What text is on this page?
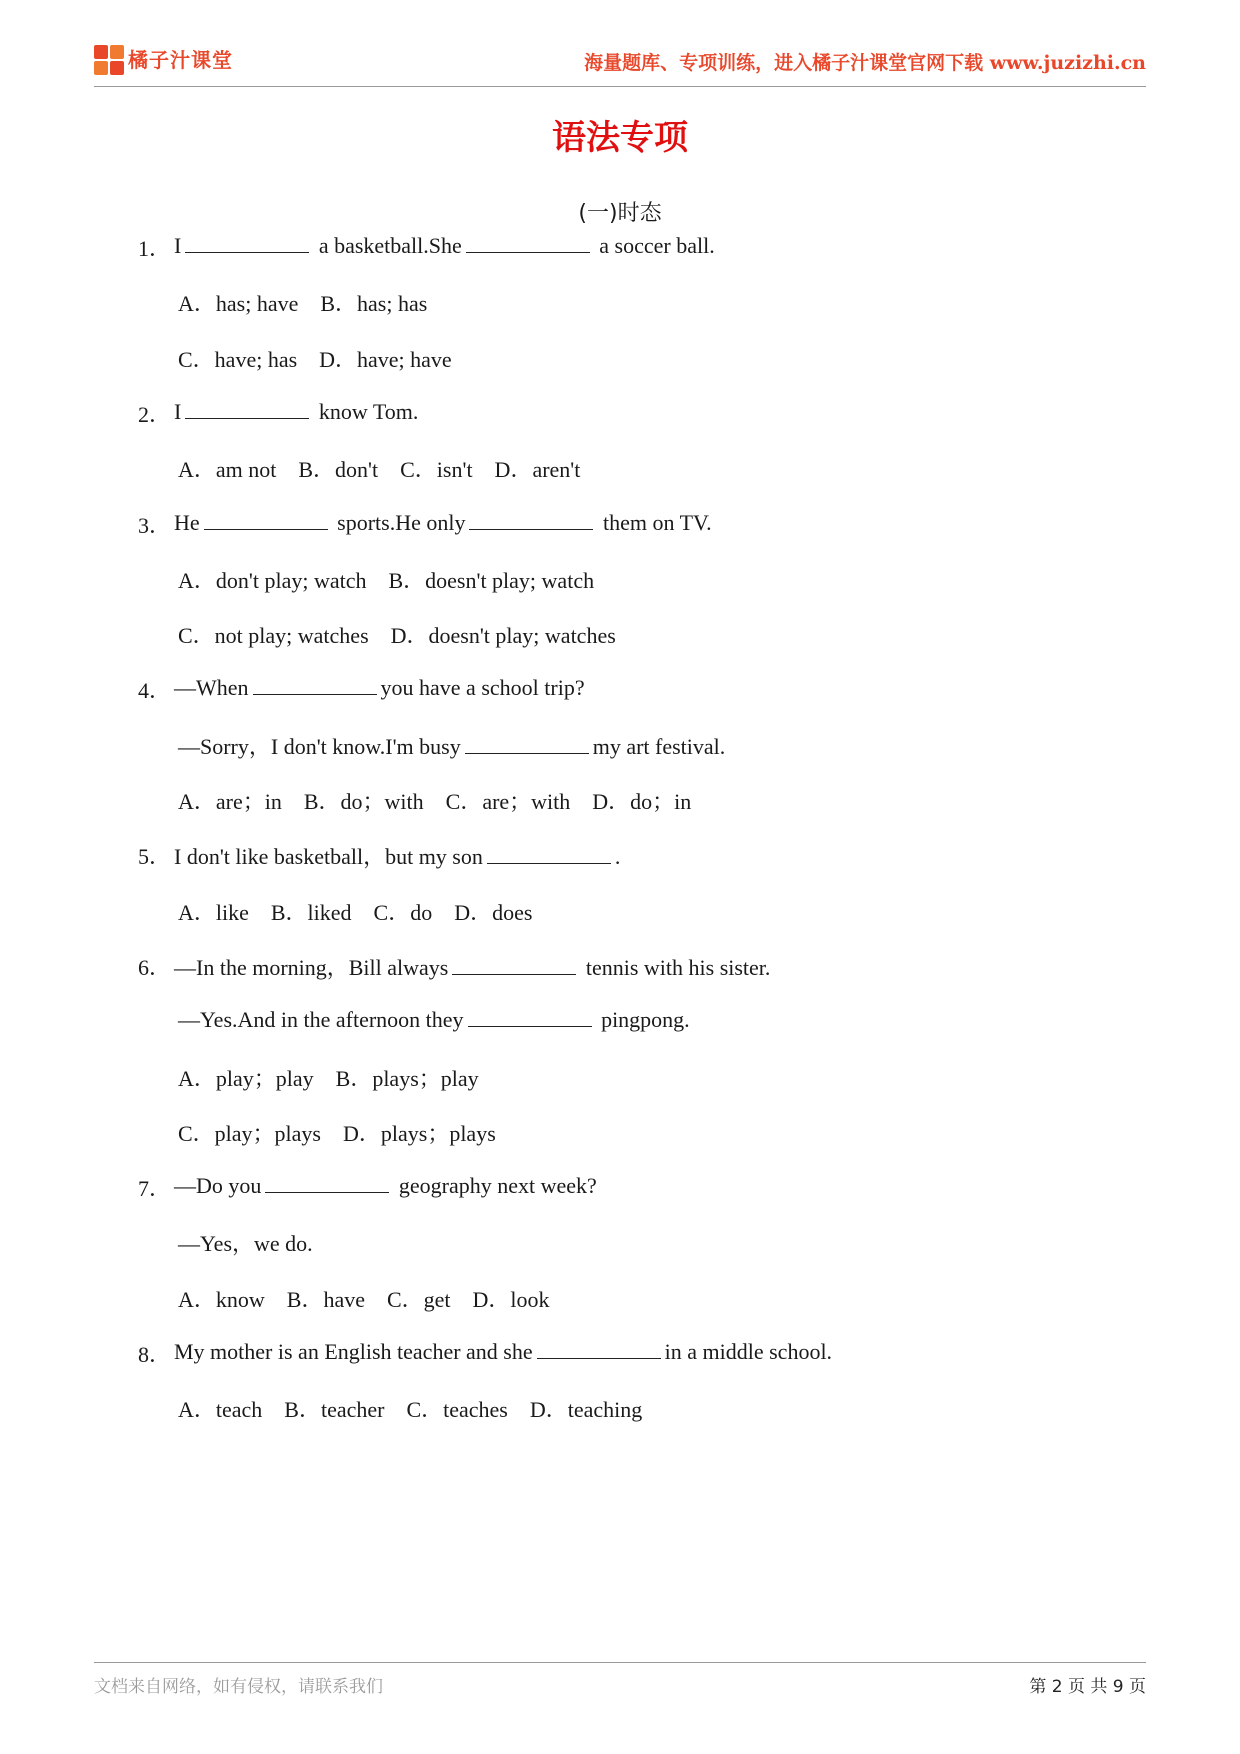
橘子汁课堂	海量题库、专项训练，进入橘子汁课堂官网下载 www.juzizhi.cn
语法专项
(一)时态
1． I	a basketball.She	a soccer ball.
A．has; have    B．has; has
C．have; has    D．have; have
2． I	know Tom.
A．am not    B．don't    C．isn't    D．aren't
3． He	sports.He only	them on TV.
A．don't play; watch    B．doesn't play; watch
C．not play; watches    D．doesn't play; watches
4． —When	you have a school trip?
—Sorry，I don't know.I'm busy	my art festival.
A．are；in    B．do；with    C．are；with    D．do；in
5． I don't like basketball，but my son	.
A．like    B．liked    C．do    D．does
6． —In the morning，Bill always	tennis with his sister.
—Yes.And in the afternoon they	pingpong.
A．play；play    B．plays；play
C．play；plays    D．plays；plays
7． —Do you	geography next week?
—Yes，we do.
A．know    B．have    C．get    D．look
8． My mother is an English teacher and she	in a middle school.
A．teach    B．teacher    C．teaches    D．teaching
文档来自网络，如有侵权，请联系我们	第 2 页 共 9 页
